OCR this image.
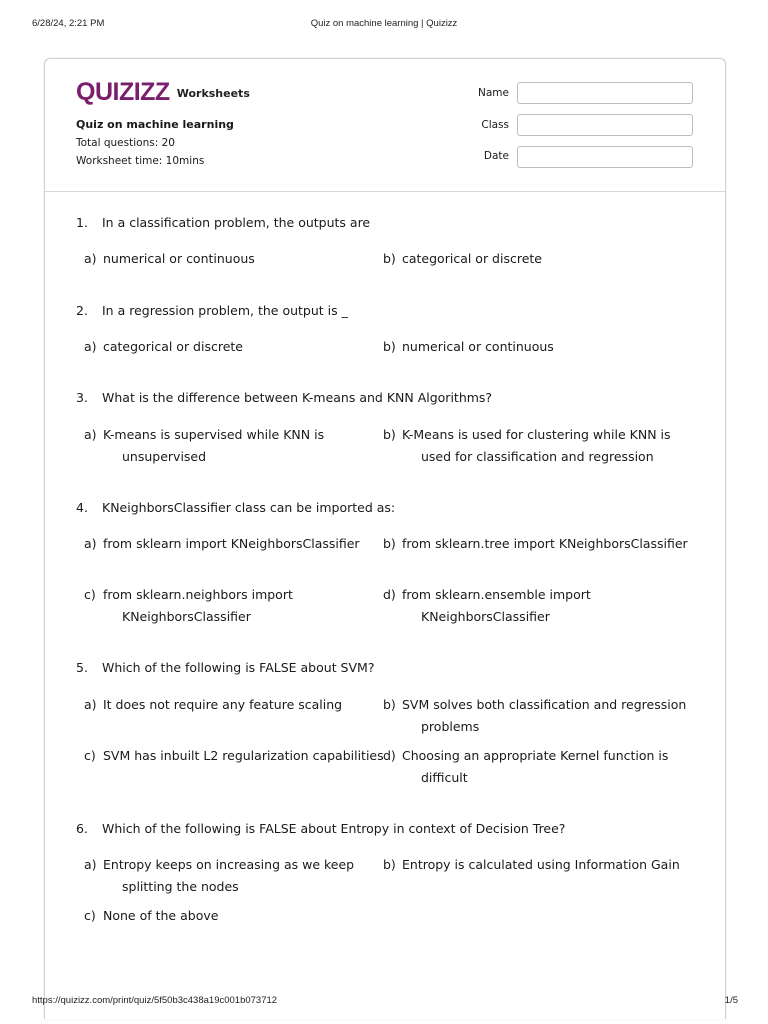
6/28/24, 2:21 PM	Quiz on machine learning | Quizizz
QUIZIZZ Worksheets
Quiz on machine learning
Total questions: 20
Worksheet time: 10mins
Name
Class
Date
1.	In a classification problem, the outputs are
a) numerical or continuous	b) categorical or discrete
2.	In a regression problem, the output is _
a) categorical or discrete	b) numerical or continuous
3.	What is the difference between K-means and KNN Algorithms?
a) K-means is supervised while KNN is unsupervised
b) K-Means is used for clustering while KNN is used for classification and regression
4.	KNeighborsClassifier class can be imported as:
a) from sklearn import KNeighborsClassifier	b) from sklearn.tree import KNeighborsClassifier
c) from sklearn.neighbors import KNeighborsClassifier
d) from sklearn.ensemble import KNeighborsClassifier
5.	Which of the following is FALSE about SVM?
a) It does not require any feature scaling	b) SVM solves both classification and regression problems
c) SVM has inbuilt L2 regularization capabilities d) Choosing an appropriate Kernel function is difficult
6.	Which of the following is FALSE about Entropy in context of Decision Tree?
a) Entropy keeps on increasing as we keep splitting the nodes
b) Entropy is calculated using Information Gain
c) None of the above
https://quizizz.com/print/quiz/5f50b3c438a19c001b073712	1/5
